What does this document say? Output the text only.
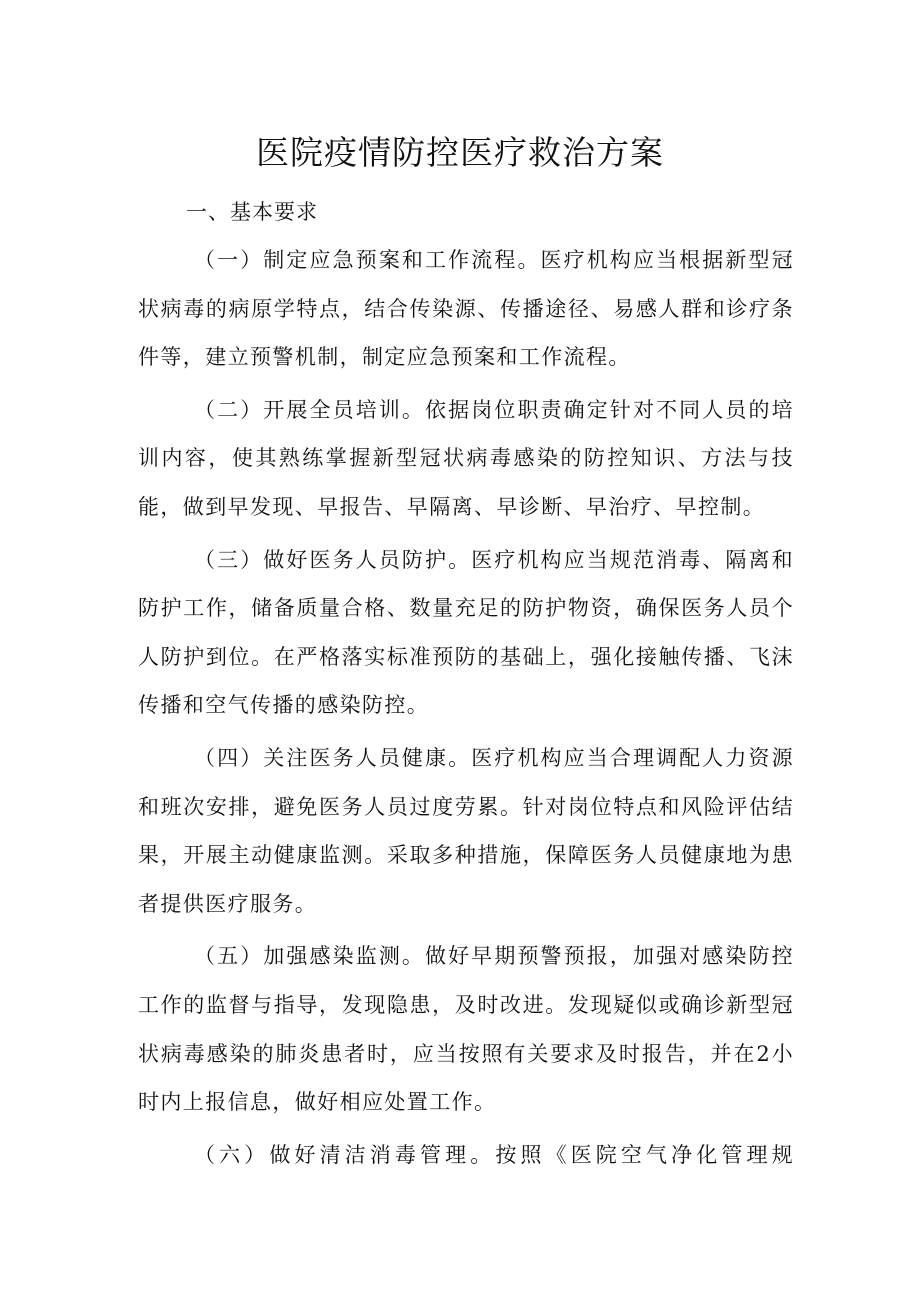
医院疫情防控医疗救治方案

一、基本要求

（一）制定应急预案和工作流程。医疗机构应当根据新型冠状病毒的病原学特点，结合传染源、传播途径、易感人群和诊疗条件等，建立预警机制，制定应急预案和工作流程。

（二）开展全员培训。依据岗位职责确定针对不同人员的培训内容，使其熟练掌握新型冠状病毒感染的防控知识、方法与技能，做到早发现、早报告、早隔离、早诊断、早治疗、早控制。

（三）做好医务人员防护。医疗机构应当规范消毒、隔离和防护工作，储备质量合格、数量充足的防护物资，确保医务人员个人防护到位。在严格落实标准预防的基础上，强化接触传播、飞沫传播和空气传播的感染防控。

（四）关注医务人员健康。医疗机构应当合理调配人力资源和班次安排，避免医务人员过度劳累。针对岗位特点和风险评估结果，开展主动健康监测。采取多种措施，保障医务人员健康地为患者提供医疗服务。

（五）加强感染监测。做好早期预警预报，加强对感染防控工作的监督与指导，发现隐患，及时改进。发现疑似或确诊新型冠状病毒感染的肺炎患者时，应当按照有关要求及时报告，并在2小时内上报信息，做好相应处置工作。

（六）做好清洁消毒管理。按照《医院空气净化管理规
